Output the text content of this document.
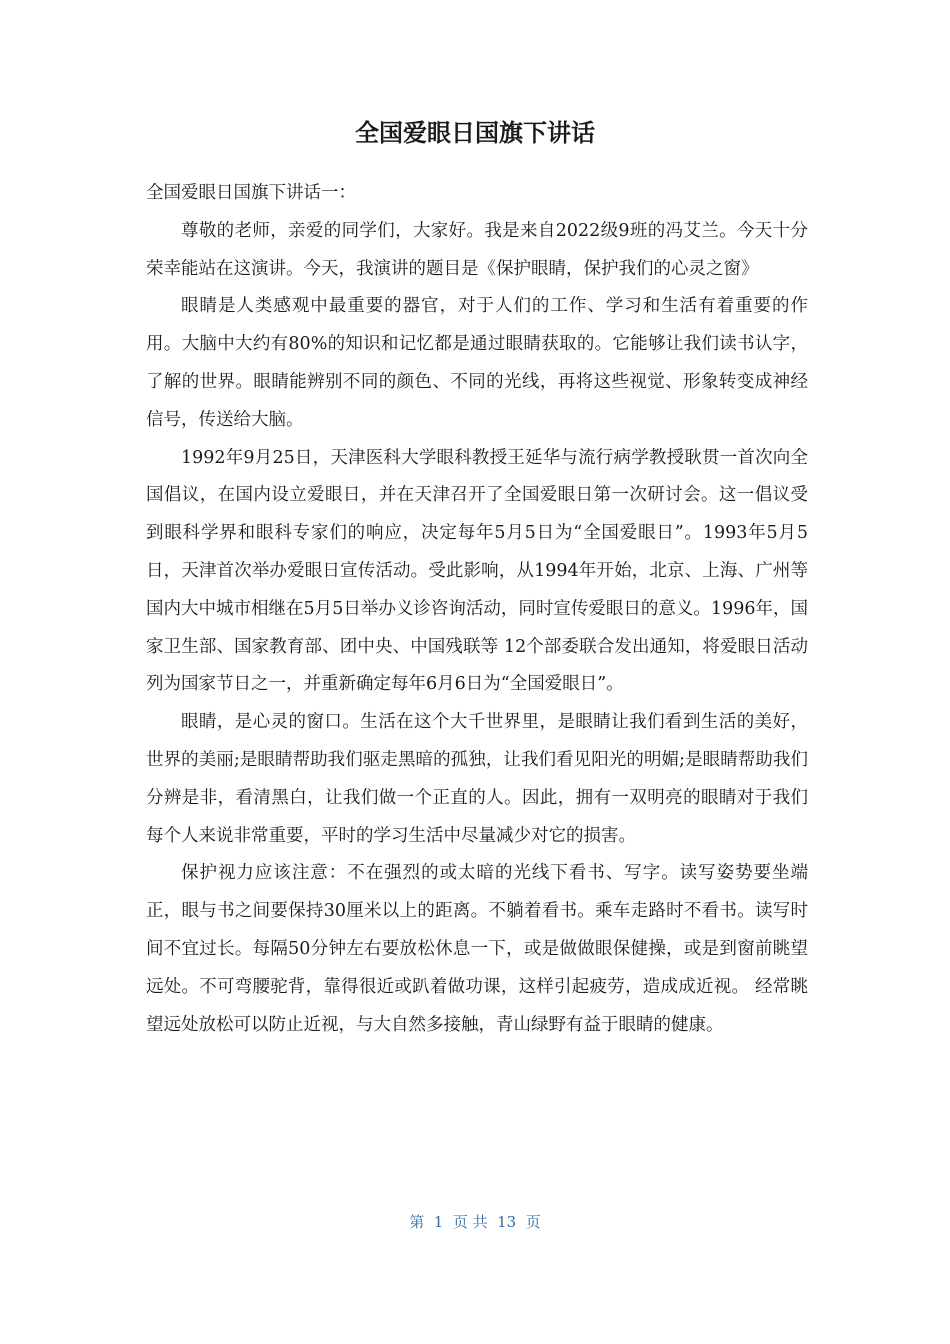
全国爱眼日国旗下讲话

全国爱眼日国旗下讲话一：

尊敬的老师，亲爱的同学们，大家好。我是来自2022级9班的冯艾兰。今天十分荣幸能站在这演讲。今天，我演讲的题目是《保护眼睛，保护我们的心灵之窗》

眼睛是人类感观中最重要的器官，对于人们的工作、学习和生活有着重要的作用。大脑中大约有80%的知识和记忆都是通过眼睛获取的。它能够让我们读书认字，了解的世界。眼睛能辨别不同的颜色、不同的光线，再将这些视觉、形象转变成神经信号，传送给大脑。

1992年9月25日，天津医科大学眼科教授王延华与流行病学教授耿贯一首次向全国倡议，在国内设立爱眼日，并在天津召开了全国爱眼日第一次研讨会。这一倡议受到眼科学界和眼科专家们的响应，决定每年5月5日为“全国爱眼日”。1993年5月5日，天津首次举办爱眼日宣传活动。受此影响，从1994年开始，北京、上海、广州等国内大中城市相继在5月5日举办义诊咨询活动，同时宣传爱眼日的意义。1996年，国家卫生部、国家教育部、团中央、中国残联等 12个部委联合发出通知，将爱眼日活动列为国家节日之一，并重新确定每年6月6日为“全国爱眼日”。

眼睛，是心灵的窗口。生活在这个大千世界里，是眼睛让我们看到生活的美好，世界的美丽;是眼睛帮助我们驱走黑暗的孤独，让我们看见阳光的明媚;是眼睛帮助我们分辨是非，看清黑白，让我们做一个正直的人。因此，拥有一双明亮的眼睛对于我们每个人来说非常重要，平时的学习生活中尽量减少对它的损害。

保护视力应该注意：不在强烈的或太暗的光线下看书、写字。读写姿势要坐端正，眼与书之间要保持30厘米以上的距离。不躺着看书。乘车走路时不看书。读写时间不宜过长。每隔50分钟左右要放松休息一下，或是做做眼保健操，或是到窗前眺望远处。不可弯腰驼背，靠得很近或趴着做功课，这样引起疲劳，造成成近视。 经常眺望远处放松可以防止近视，与大自然多接触，青山绿野有益于眼睛的健康。

第  1  页 共  13  页
